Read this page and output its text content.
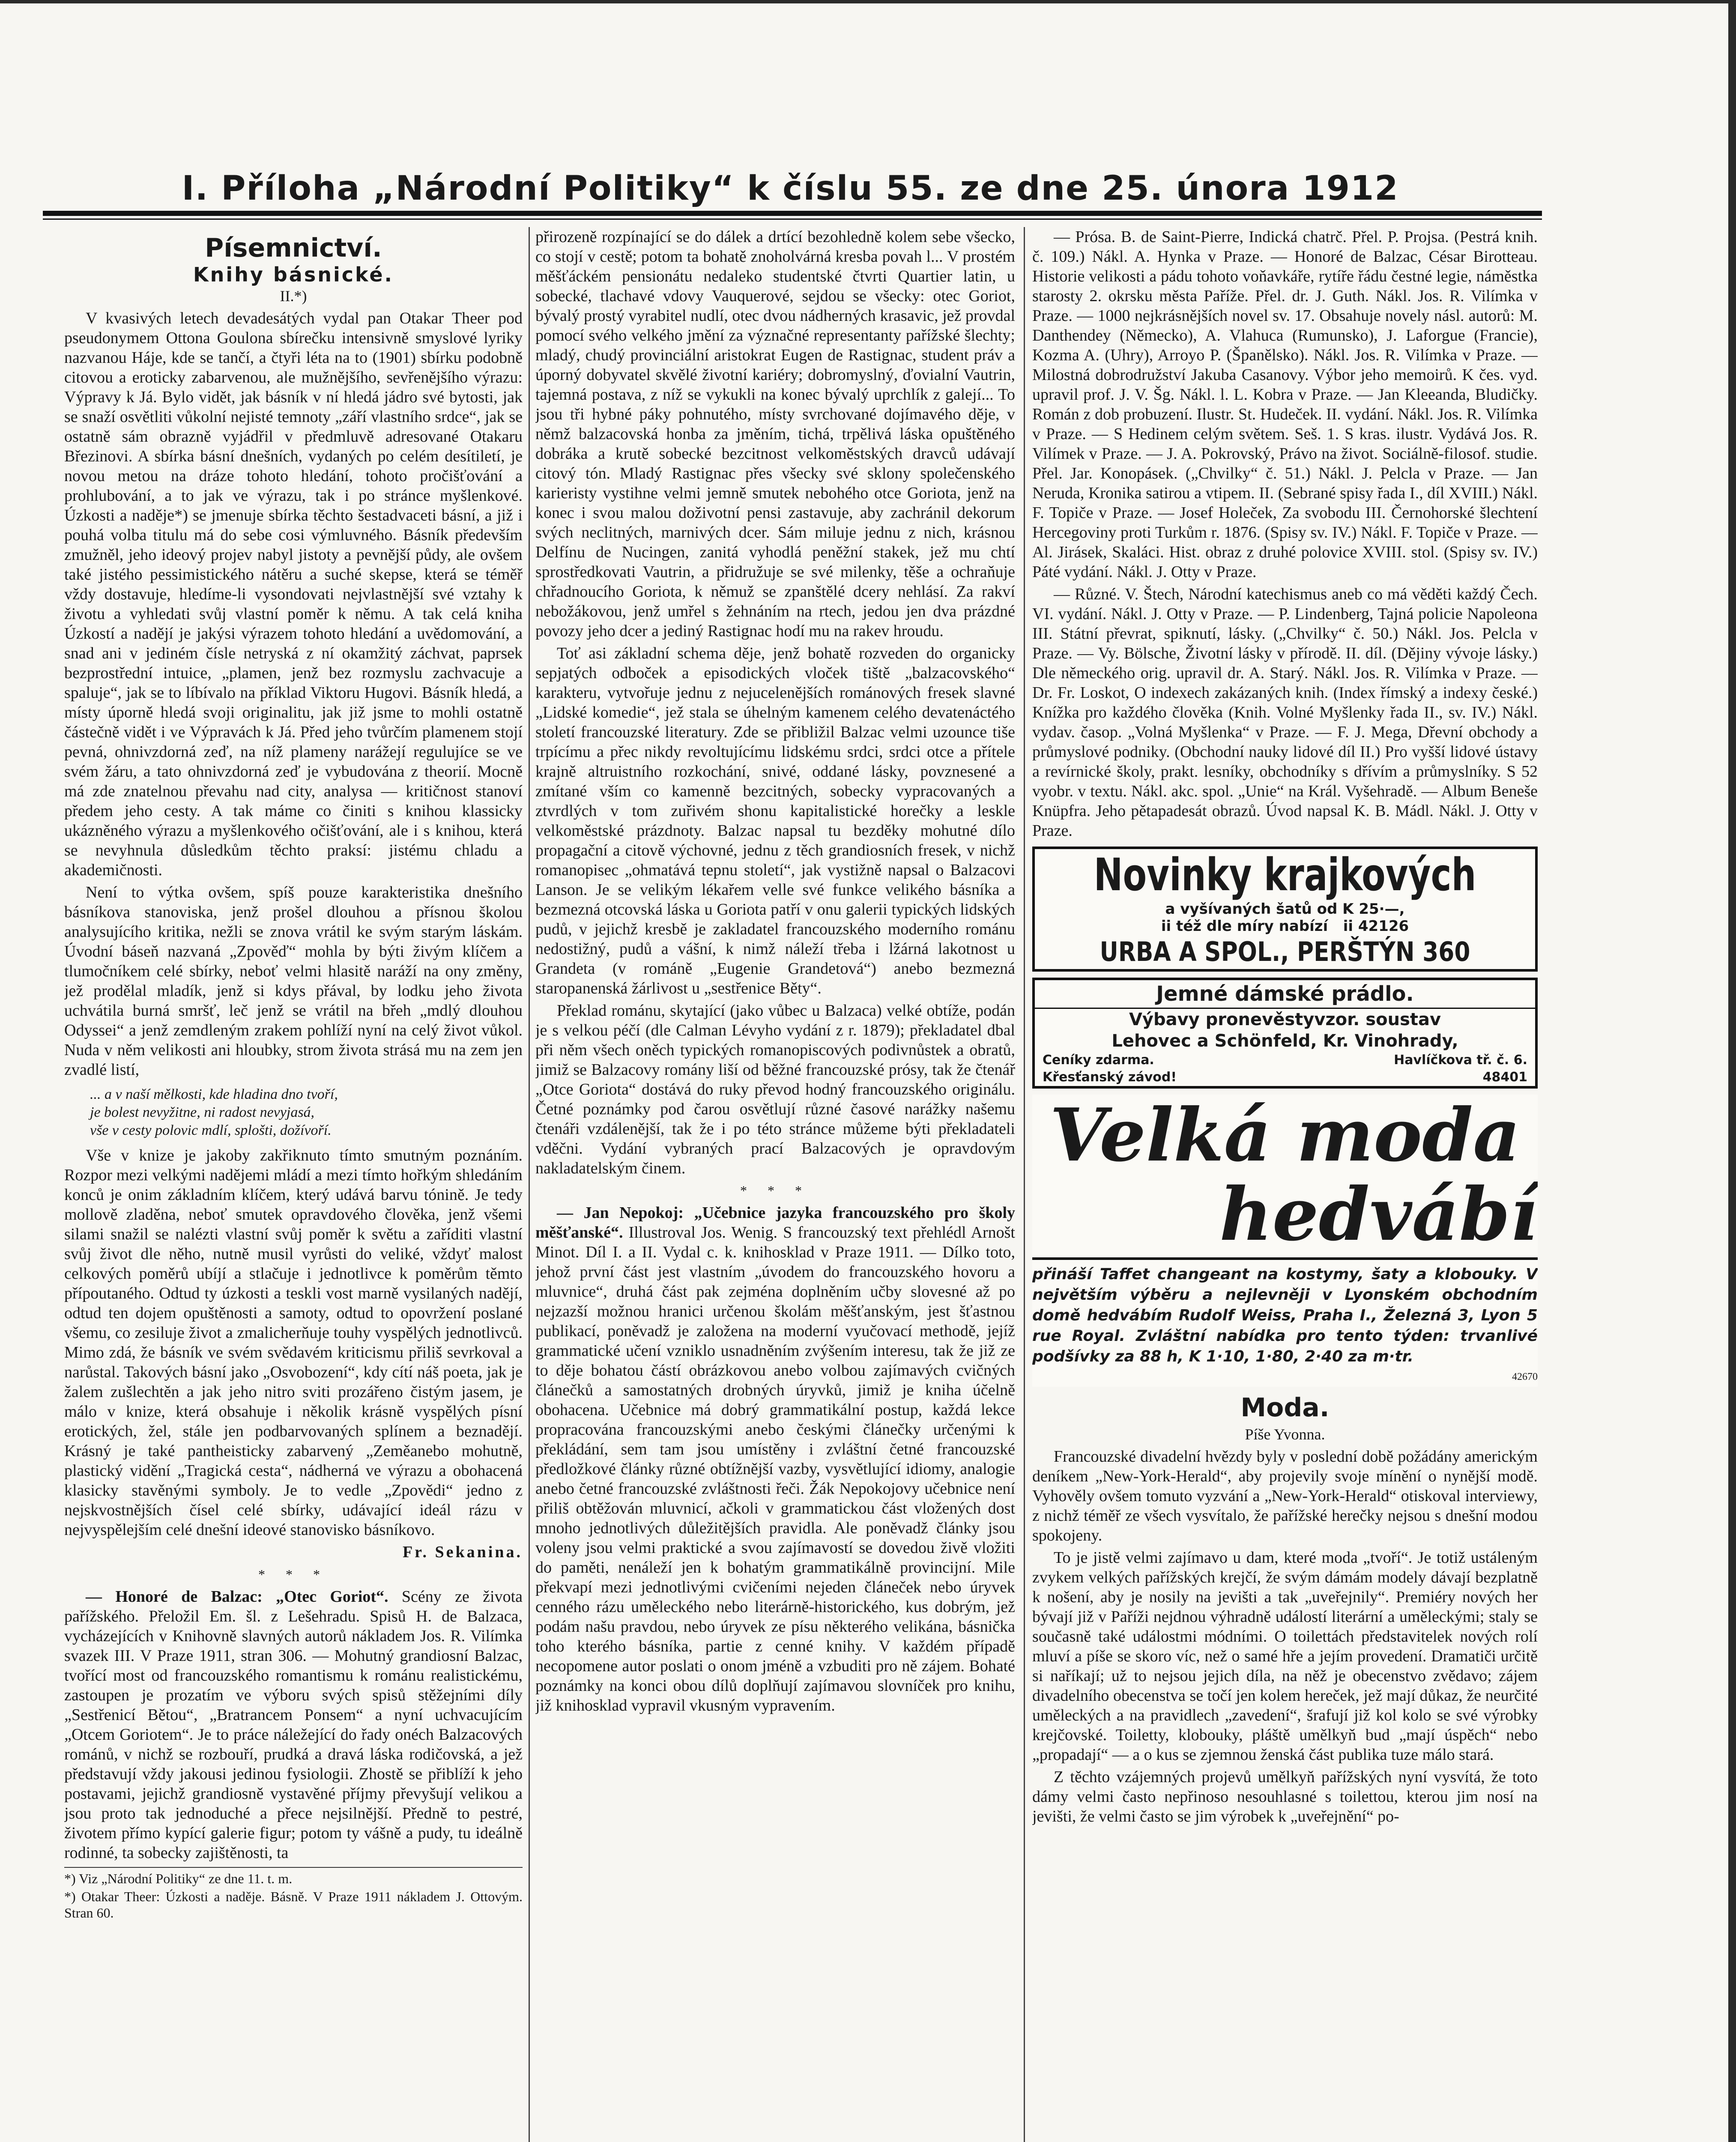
I. Příloha „Národní Politiky“ k číslu 55. ze dne 25. února 1912
Písemnictví.
Knihy básnické.
II.*)

V kvasivých letech devadesátých vydal pan Otakar Theer pod pseudonymem Ottona Goulona sbírečku intensivně smyslové lyriky nazvanou Háje, kde se tančí, a čtyři léta na to (1901) sbírku podobně citovou a eroticky zabarvenou, ale mužnějšího, sevřenějšího výrazu: Výpravy k Já. Bylo vidět, jak básník v ní hledá jádro své bytosti, jak se snaží osvětliti vůkolní nejisté temnoty „září vlastního srdce“, jak se ostatně sám obrazně vyjádřil v předmluvě adresované Otakaru Březinovi. A sbírka básní dnešních, vydaných po celém desítiletí, je novou metou na dráze tohoto hledání, tohoto pročišťování a prohlubování, a to jak ve výrazu, tak i po stránce myšlenkové. Úzkosti a naděje*) se jmenuje sbírka těchto šestadvaceti básní, a již i pouhá volba titulu má do sebe cosi výmluvného. Básník především zmužněl, jeho ideový projev nabyl jistoty a pevnější půdy, ale ovšem také jistého pessimistického nátěru a suché skepse, která se téměř vždy dostavuje, hledíme-li vysondovati nejvlastnější své vztahy k životu a vyhledati svůj vlastní poměr k němu. A tak celá kniha Úzkostí a nadějí je jakýsi výrazem tohoto hledání a uvědomování, a snad ani v jediném čísle netryská z ní okamžitý záchvat, paprsek bezprostřední intuice, „plamen, jenž bez rozmyslu zachvacuje a spaluje“, jak se to líbívalo na příklad Viktoru Hugovi. Básník hledá, a místy úporně hledá svoji originalitu, jak již jsme to mohli ostatně částečně vidět i ve Výpravách k Já. Před jeho tvůrčím plamenem stojí pevná, ohnivzdorná zeď, na níž plameny narážejí regulujíce se ve svém žáru, a tato ohnivzdorná zeď je vybudována z theorií. Mocně má zde znatelnou převahu nad city, analysa — kritičnost stanoví předem jeho cesty. A tak máme co činiti s knihou klassicky ukázněného výrazu a myšlenkového očišťování, ale i s knihou, která se nevyhnula důsledkům těchto praksí: jistému chladu a akademičnosti.

Není to výtka ovšem, spíš pouze karakteristika dnešního básníkova stanoviska, jenž prošel dlouhou a přísnou školou analysujícího kritika, nežli se znova vrátil ke svým starým láskám. Úvodní báseň nazvaná „Zpověď“ mohla by býti živým klíčem a tlumočníkem celé sbírky, neboť velmi hlasitě naráží na ony změny, jež prodělal mladík, jenž si kdys přával, by lodku jeho života uchvátila burná smršť, leč jenž se vrátil na břeh „mdlý dlouhou Odyssei“ a jenž zemdleným zrakem pohlíží nyní na celý život vůkol. Nuda v něm velikosti ani hloubky, strom života strásá mu na zem jen zvadlé listí,

... a v naší mělkosti, kde hladina dno tvoří,
je bolest nevyžitne, ni radost nevyjasá,
vše v cesty polovic mdlí, splošti, dožívoří.

Vše v knize je jakoby zakřiknuto tímto smutným poznáním. Rozpor mezi velkými nadějemi mládí a mezi tímto hořkým shledáním konců je onim základním klíčem, který udává barvu tónině. Je tedy mollově zladěna, neboť smutek opravdového člověka, jenž všemi silami snažil se nalézti vlastní svůj poměr k světu a zaříditi vlastní svůj život dle něho, nutně musil vyrůsti do veliké, vždyť malost celkových poměrů ubíjí a stlačuje i jednotlivce k poměrům těmto přípoutaného. Odtud ty úzkosti a teskli vost marně vysilaných nadějí, odtud ten dojem opuštěnosti a samoty, odtud to opovržení poslané všemu, co zesiluje život a zmalicherňuje touhy vyspělých jednotlivců. Mimo zdá, že básník ve svém svědavém kriticismu přiliš sevrkoval a narůstal. Takových básní jako „Osvobození“, kdy cítí náš poeta, jak je žalem zušlechtěn a jak jeho nitro sviti prozářeno čistým jasem, je málo v knize, která obsahuje i několik krásně vyspělých písní erotických, žel, stále jen podbarvovaných splínem a beznadějí. Krásný je také pantheisticky zabarvený „Zeměanebo mohutně, plastický vidění „Tragická cesta“, nádherná ve výrazu a obohacená klasicky stavěnými symboly. Je to vedle „Zpovědi“ jedno z nejskvostnějších čísel celé sbírky, udávající ideál rázu v nejvyspělejším celé dnešní ideové stanovisko básníkovo.

Fr. Sekanina.
* * *

— Honoré de Balzac: „Otec Goriot“. Scény ze života pařížského. Přeložil Em. šl. z Lešehradu. Spisů H. de Balzaca, vycházejících v Knihovně slavných autorů nákladem Jos. R. Vilímka svazek III. V Praze 1911, stran 306. — Mohutný grandiosní Balzac, tvořící most od francouzského romantismu k románu realistickému, zastoupen je prozatím ve výboru svých spisů stěžejními díly „Sestřenicí Bětou“, „Bratrancem Ponsem“ a nyní uchvacujícím „Otcem Goriotem“. Je to práce náležející do řady onéch Balzacových románů, v nichž se rozbouří, prudká a dravá láska rodičovská, a jež představují vždy jakousi jedinou fysiologii. Zhostě se přiblíží k jeho postavami, jejichž grandiosně vystavěné příjmy převyšují velikou a jsou proto tak jednoduché a přece nejsilnější. Předně to pestré, životem přímo kypící galerie figur; potom ty vášně a pudy, tu ideálně rodinné, ta sobecky zajištěnosti, ta

*) Viz „Národní Politiky“ ze dne 11. t. m.
*) Otakar Theer: Úzkosti a naděje. Básně. V Praze 1911 nákladem J. Ottovým. Stran 60.

přirozeně rozpínající se do dálek a drtící bezohledně kolem sebe všecko, co stojí v cestě; potom ta bohatě znoholvárná kresba povah l... V prostém měšťáckém pensionátu nedaleko studentské čtvrti Quartier latin, u sobecké, tlachavé vdovy Vauquerové, sejdou se všecky: otec Goriot, bývalý prostý vyrabitel nudlí, otec dvou nádherných krasavic, jež provdal pomocí svého velkého jmění za význačné representanty pařížské šlechty; mladý, chudý provinciální aristokrat Eugen de Rastignac, student práv a úporný dobyvatel skvělé životní kariéry; dobromyslný, ďovialní Vautrin, tajemná postava, z níž se vykukli na konec bývalý uprchlík z galejí... To jsou tři hybné páky pohnutého, místy svrchované dojímavého děje, v němž balzacovská honba za jměním, tichá, trpělivá láska opuštěného dobráka a krutě sobecké bezcitnost velkoměstských dravců udávají citový tón. Mladý Rastignac přes všecky své sklony společenského karieristy vystihne velmi jemně smutek nebohého otce Goriota, jenž na konec i svou malou doživotní pensi zastavuje, aby zachránil dekorum svých neclitných, marnivých dcer. Sám miluje jednu z nich, krásnou Delfínu de Nucingen, zanitá vyhodlá peněžní stakek, jež mu chtí sprostředkovati Vautrin, a přidružuje se své milenky, těše a ochraňuje chřadnoucího Goriota, k němuž se zpanštělé dcery nehlásí. Za rakví nebožákovou, jenž umřel s žehnáním na rtech, jedou jen dva prázdné povozy jeho dcer a jediný Rastignac hodí mu na rakev hroudu.

Toť asi základní schema děje, jenž bohatě rozveden do organicky sepjatých odboček a episodických vloček tiště „balzacovského“ karakteru, vytvořuje jednu z nejucelenějších románových fresek slavné „Lidské komedie“, jež stala se úhelným kamenem celého devatenáctého století francouzské literatury. Zde se přibližil Balzac velmi uzounce tiše trpícímu a přec nikdy revoltujícímu lidskému srdci, srdci otce a přítele krajně altruistního rozkochání, snivé, oddané lásky, povznesené a zmítané vším co kamenně bezcitných, sobecky vypracovaných a ztvrdlých v tom zuřivém shonu kapitalistické horečky a leskle velkoměstské prázdnoty. Balzac napsal tu bezděky mohutné dílo propagační a citově výchovné, jednu z těch grandiosních fresek, v nichž romanopisec „ohmatává tepnu století“, jak vystižně napsal o Balzacovi Lanson. Je se velikým lékařem velle své funkce velikého básníka a bezmezná otcovská láska u Goriota patří v onu galerii typických lidských pudů, v jejichž kresbě je zakladatel francouzského moderního románu nedostižný, pudů a vášní, k nimž náleží třeba i lžárná lakotnost u Grandeta (v románě „Eugenie Grandetová“) anebo bezmezná staropanenská žárlivost u „sestřenice Běty“.

Překlad románu, skytající (jako vůbec u Balzaca) velké obtíže, podán je s velkou péčí (dle Calman Lévyho vydání z r. 1879); překladatel dbal při něm všech oněch typických romanopiscových podivnůstek a obratů, jimiž se Balzacovy romány liší od běžné francouzské prósy, tak že čtenář „Otce Goriota“ dostává do ruky převod hodný francouzského originálu. Četné poznámky pod čarou osvětlují různé časové narážky našemu čtenáři vzdálenější, tak že i po této stránce můžeme býti překladateli vděčni. Vydání vybraných prací Balzacových je opravdovým nakladatelským činem.

* * *

— Jan Nepokoj: „Učebnice jazyka francouzského pro školy měšťanské“. Illustroval Jos. Wenig. S francouzský text přehlédl Arnošt Minot. Díl I. a II. Vydal c. k. knihosklad v Praze 1911. — Dílko toto, jehož první část jest vlastním „úvodem do francouzského hovoru a mluvnice“, druhá část pak zejména doplněním učby slovesné až po nejzazší možnou hranici určenou školám měšťanským, jest šťastnou publikací, poněvadž je založena na moderní vyučovací methodě, jejíž grammatické učení vzniklo usnadněním zvýšením interesu, tak že již ze to děje bohatou částí obrázkovou anebo volbou zajímavých cvičných článečků a samostatných drobných úryvků, jimiž je kniha účelně obohacena. Učebnice má dobrý grammatikální postup, každá lekce propracována francouzskými anebo českými článečky určenými k překládání, sem tam jsou umístěny i zvláštní četné francouzské předložkové články různé obtížnější vazby, vysvětlující idiomy, analogie anebo četné francouzské zvláštnosti řeči. Žák Nepokojovy učebnice není přiliš obtěžován mluvnicí, ačkoli v grammatickou část vložených dost mnoho jednotlivých důležitějších pravidla. Ale poněvadž články jsou voleny jsou velmi praktické a svou zajímavostí se dovedou živě vložiti do paměti, nenáleží jen k bohatým grammatikálně provincijní. Mile překvapí mezi jednotlivými cvičeními nejeden článeček nebo úryvek cenného rázu uměleckého nebo literárně-historického, kus dobrým, jež podám našu pravdou, nebo úryvek ze písu některého velikána, básnička toho kterého básníka, partie z cenné knihy. V každém případě necopomene autor poslati o onom jméně a vzbuditi pro ně zájem. Bohaté poznámky na konci obou dílů doplňují zajímavou slovníček pro knihu, již knihosklad vypravil vkusným vypravením.

— Prósa. B. de Saint-Pierre, Indická chatrč. Přel. P. Projsa. (Pestrá knih. č. 109.) Nákl. A. Hynka v Praze. — Honoré de Balzac, César Birotteau. Historie velikosti a pádu tohoto voňavkáře, rytíře řádu čestné legie, náměstka starosty 2. okrsku města Paříže. Přel. dr. J. Guth. Nákl. Jos. R. Vilímka v Praze. — 1000 nejkrásnějších novel sv. 17. Obsahuje novely násl. autorů: M. Danthendey (Německo), A. Vlahuca (Rumunsko), J. Laforgue (Francie), Kozma A. (Uhry), Arroyo P. (Španělsko). Nákl. Jos. R. Vilímka v Praze. — Milostná dobrodružství Jakuba Casanovy. Výbor jeho memoirů. K čes. vyd. upravil prof. J. V. Šg. Nákl. l. L. Kobra v Praze. — Jan Kleeanda, Bludičky. Román z dob probuzení. Ilustr. St. Hudeček. II. vydání. Nákl. Jos. R. Vilímka v Praze. — S Hedinem celým světem. Seš. 1. S kras. ilustr. Vydává Jos. R. Vilímek v Praze. — J. A. Pokrovský, Právo na život. Sociálně-filosof. studie. Přel. Jar. Konopásek. („Chvilky“ č. 51.) Nákl. J. Pelcla v Praze. — Jan Neruda, Kronika satirou a vtipem. II. (Sebrané spisy řada I., díl XVIII.) Nákl. F. Topiče v Praze. — Josef Holeček, Za svobodu III. Černohorské šlechtení Hercegoviny proti Turkům r. 1876. (Spisy sv. IV.) Nákl. F. Topiče v Praze. — Al. Jirásek, Skaláci. Hist. obraz z druhé polovice XVIII. stol. (Spisy sv. IV.) Páté vydání. Nákl. J. Otty v Praze.

— Různé. V. Štech, Národní katechismus aneb co má věděti každý Čech. VI. vydání. Nákl. J. Otty v Praze. — P. Lindenberg, Tajná policie Napoleona III. Státní převrat, spiknutí, lásky. („Chvilky“ č. 50.) Nákl. Jos. Pelcla v Praze. — Vy. Bölsche, Životní lásky v přírodě. II. díl. (Dějiny vývoje lásky.) Dle německého orig. upravil dr. A. Starý. Nákl. Jos. R. Vilímka v Praze. — Dr. Fr. Loskot, O indexech zakázaných knih. (Index římský a indexy české.) Knížka pro každého člověka (Knih. Volné Myšlenky řada II., sv. IV.) Nákl. vydav. časop. „Volná Myšlenka“ v Praze. — F. J. Mega, Dřevní obchody a průmyslové podniky. (Obchodní nauky lidové díl II.) Pro vyšší lidové ústavy a revírnické školy, prakt. lesníky, obchodníky s dřívím a průmyslníky. S 52 vyobr. v textu. Nákl. akc. spol. „Unie“ na Král. Vyšehradě. — Album Beneše Knüpfra. Jeho pětapadesát obrazů. Úvod napsal K. B. Mádl. Nákl. J. Otty v Praze.

Novinky krajkových
a vyšívaných šatů od K 25·—,
ii též dle míry nabízí ii 42126
URBA A SPOL., PERŠTÝN 360
Jemné dámské prádlo.
Výbavy pronevěstyvzor. soustav
Lehovec a Schönfeld, Kr. Vinohrady,
Havlíčkova tř. č. 6.
Ceníky zdarma.
48401
Křesťanský závod!
Velká moda
hedvábí
přináší Taffet changeant na kostymy, šaty a klobouky. V největším výběru a nejlevněji v Lyonském obchodním domě hedvábím Rudolf Weiss, Praha I., Železná 3, Lyon 5 rue Royal. Zvláštní nabídka pro tento týden: trvanlivé podšívky za 88 h, K 1·10, 1·80, 2·40 za m·tr.
42670
Moda.
Píše Yvonna.

Francouzské divadelní hvězdy byly v poslední době požádány americkým deníkem „New-York-Herald“, aby projevily svoje mínění o nynější modě. Vyhověly ovšem tomuto vyzvání a „New-York-Herald“ otiskoval interviewy, z nichž téměř ze všech vysvítalo, že pařížské herečky nejsou s dnešní modou spokojeny.

To je jistě velmi zajímavo u dam, které moda „tvoří“. Je totiž ustáleným zvykem velkých pařížských krejčí, že svým dámám modely dávají bezplatně k nošení, aby je nosily na jevišti a tak „uveřejnily“. Premiéry nových her bývají již v Paříži nejdnou výhradně událostí literární a uměleckými; staly se současně také událostmi módními. O toilettách představitelek nových rolí mluví a píše se skoro víc, než o samé hře a jejím provedení. Dramatiči určitě si naříkají; už to nejsou jejich díla, na něž je obecenstvo zvědavo; zájem divadelního obecenstva se točí jen kolem hereček, jež mají důkaz, že neurčité uměleckých a na pravidlech „zavedení“, šrafují již kol kolo se své výrobky krejčovské. Toiletty, klobouky, pláště umělkyň bud „mají úspěch“ nebo „propadají“ — a o kus se zjemnou ženská část publika tuze málo stará.

Z těchto vzájemných projevů umělkyň pařížských nyní vysvítá, že toto dámy velmi často nepřinoso nesouhlasné s toilettou, kterou jim nosí na jevišti, že velmi často se jim výrobek k „uveřejnění“ po-
